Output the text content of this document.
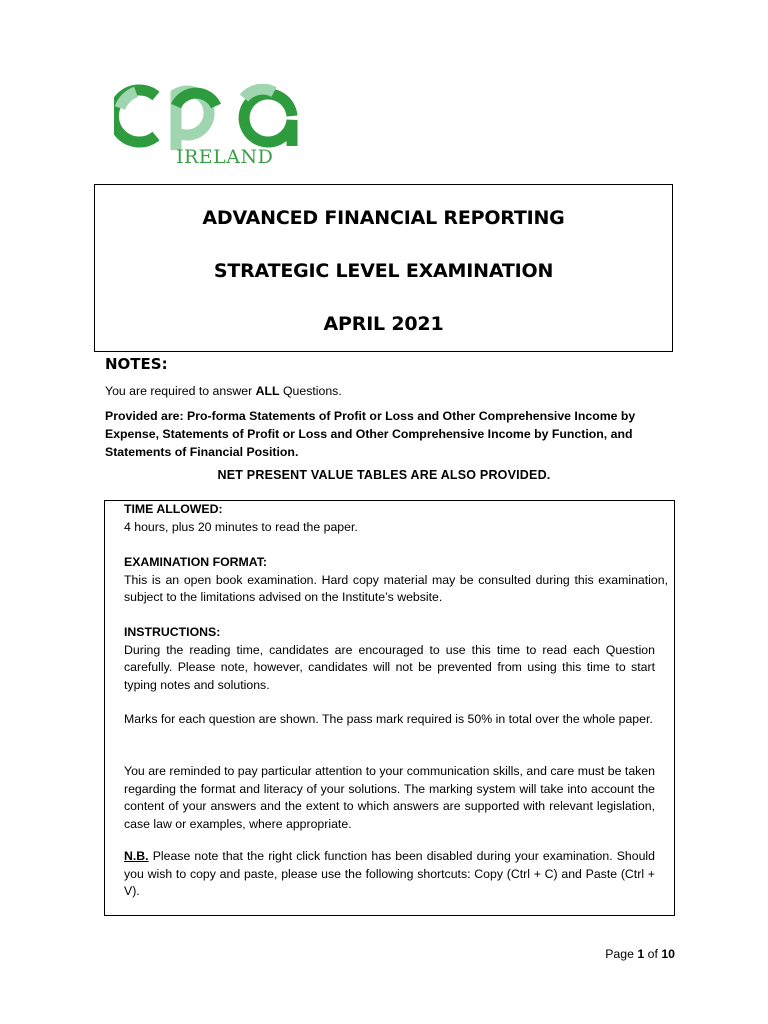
IRELAND
ADVANCED FINANCIAL REPORTING
STRATEGIC LEVEL EXAMINATION
APRIL 2021
NOTES:
You are required to answer ALL Questions.
Provided are: Pro-forma Statements of Profit or Loss and Other Comprehensive Income by Expense, Statements of Profit or Loss and Other Comprehensive Income by Function, and Statements of Financial Position.
NET PRESENT VALUE TABLES ARE ALSO PROVIDED.
TIME ALLOWED:
4 hours, plus 20 minutes to read the paper.
EXAMINATION FORMAT:
This is an open book examination. Hard copy material may be consulted during this examination, subject to the limitations advised on the Institute’s website.
INSTRUCTIONS:
During the reading time, candidates are encouraged to use this time to read each Question carefully. Please note, however, candidates will not be prevented from using this time to start typing notes and solutions.
Marks for each question are shown. The pass mark required is 50% in total over the whole paper.
You are reminded to pay particular attention to your communication skills, and care must be taken regarding the format and literacy of your solutions. The marking system will take into account the content of your answers and the extent to which answers are supported with relevant legislation, case law or examples, where appropriate.
N.B. Please note that the right click function has been disabled during your examination. Should you wish to copy and paste, please use the following shortcuts: Copy (Ctrl + C) and Paste (Ctrl + V).
Page 1 of 10
